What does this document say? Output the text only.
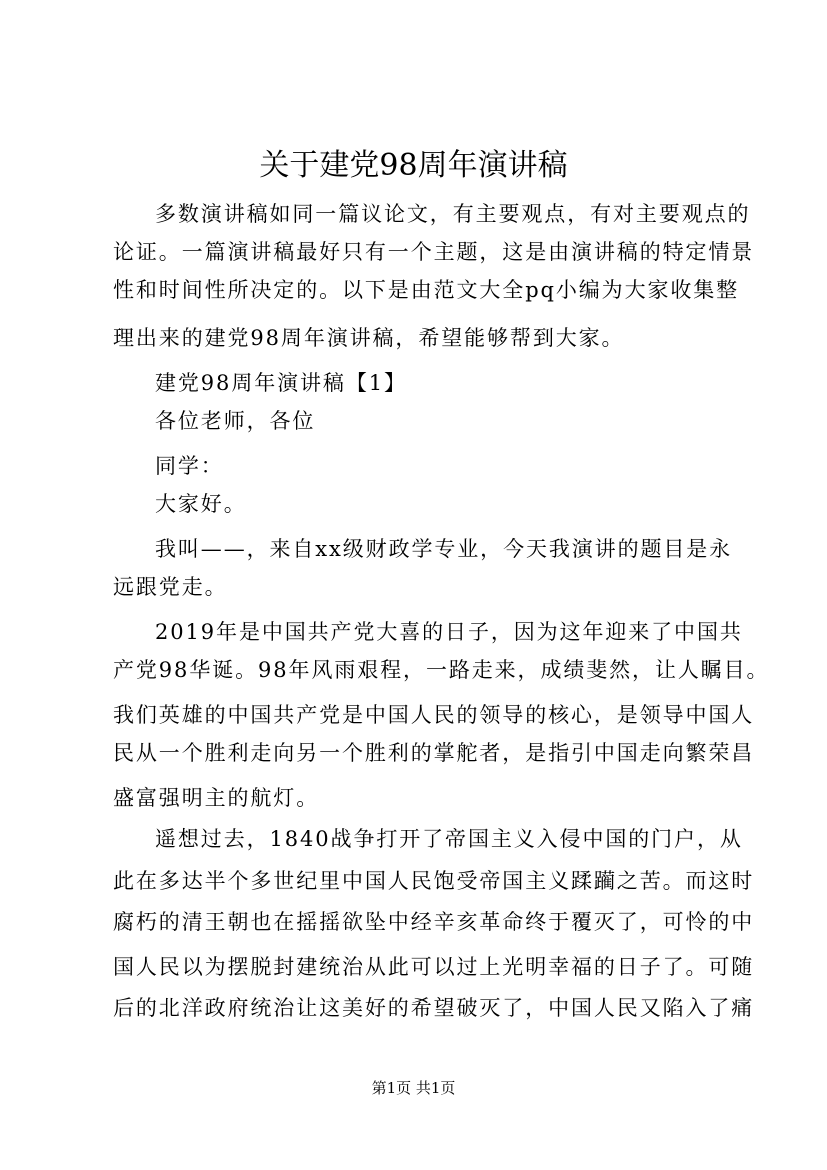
关于建党98周年演讲稿
多数演讲稿如同一篇议论文，有主要观点，有对主要观点的
论证。一篇演讲稿最好只有一个主题，这是由演讲稿的特定情景
性和时间性所决定的。以下是由范文大全pq小编为大家收集整
理出来的建党98周年演讲稿，希望能够帮到大家。
建党98周年演讲稿【1】
各位老师，各位
同学：
大家好。
我叫——，来自xx级财政学专业，今天我演讲的题目是永
远跟党走。
2019年是中国共产党大喜的日子，因为这年迎来了中国共
产党98华诞。98年风雨艰程，一路走来，成绩斐然，让人瞩目。
我们英雄的中国共产党是中国人民的领导的核心，是领导中国人
民从一个胜利走向另一个胜利的掌舵者，是指引中国走向繁荣昌
盛富强明主的航灯。
遥想过去，1840战争打开了帝国主义入侵中国的门户，从
此在多达半个多世纪里中国人民饱受帝国主义蹂躏之苦。而这时
腐朽的清王朝也在摇摇欲坠中经辛亥革命终于覆灭了，可怜的中
国人民以为摆脱封建统治从此可以过上光明幸福的日子了。可随
后的北洋政府统治让这美好的希望破灭了，中国人民又陷入了痛
第1页 共1页
